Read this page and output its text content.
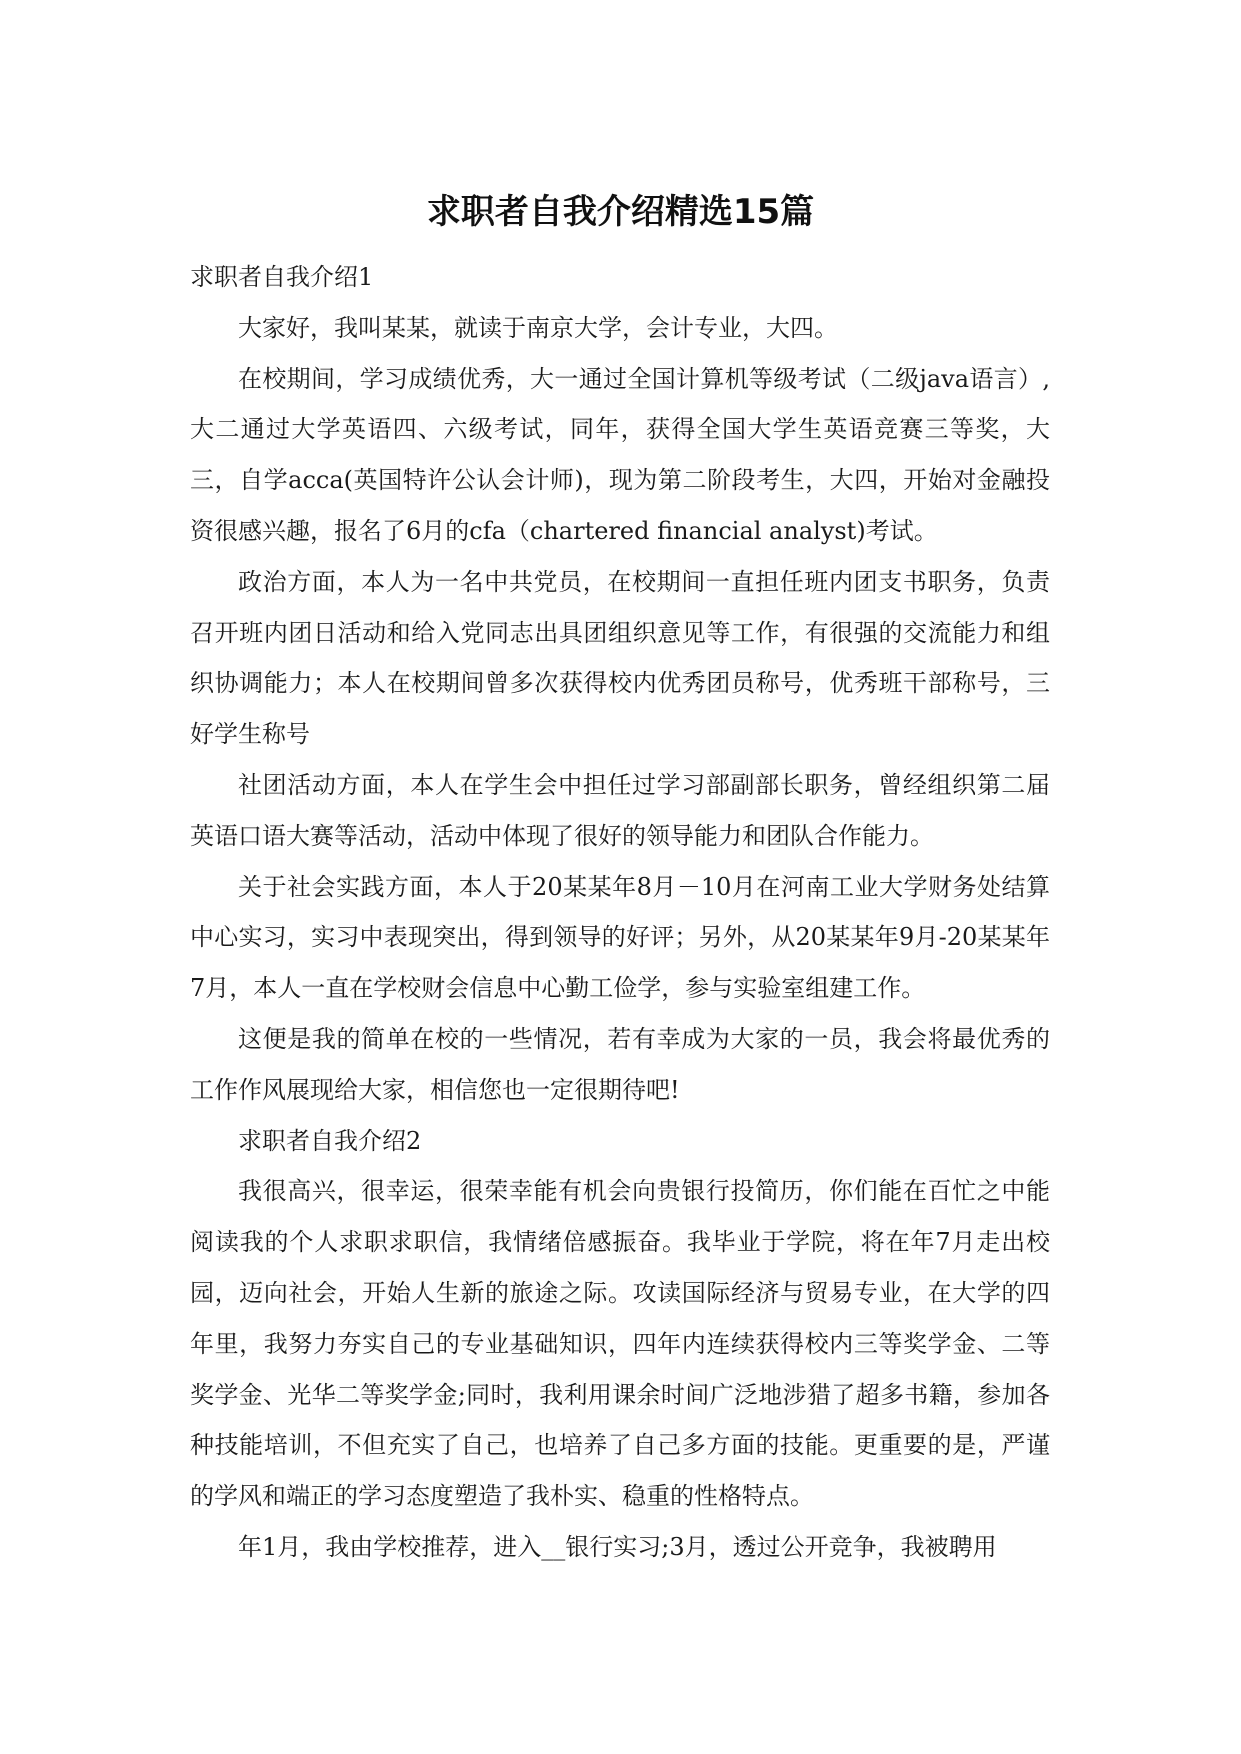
求职者自我介绍精选15篇

求职者自我介绍1

大家好，我叫某某，就读于南京大学，会计专业，大四。

在校期间，学习成绩优秀，大一通过全国计算机等级考试（二级java语言）,大二通过大学英语四、六级考试，同年，获得全国大学生英语竞赛三等奖，大三，自学acca(英国特许公认会计师)，现为第二阶段考生，大四，开始对金融投资很感兴趣，报名了6月的cfa（chartered financial analyst)考试。

政治方面，本人为一名中共党员，在校期间一直担任班内团支书职务，负责召开班内团日活动和给入党同志出具团组织意见等工作，有很强的交流能力和组织协调能力；本人在校期间曾多次获得校内优秀团员称号，优秀班干部称号，三好学生称号

社团活动方面，本人在学生会中担任过学习部副部长职务，曾经组织第二届英语口语大赛等活动，活动中体现了很好的领导能力和团队合作能力。

关于社会实践方面，本人于20某某年8月－10月在河南工业大学财务处结算中心实习，实习中表现突出，得到领导的好评；另外，从20某某年9月-20某某年7月，本人一直在学校财会信息中心勤工俭学，参与实验室组建工作。

这便是我的简单在校的一些情况，若有幸成为大家的一员，我会将最优秀的工作作风展现给大家，相信您也一定很期待吧!

求职者自我介绍2

我很高兴，很幸运，很荣幸能有机会向贵银行投简历，你们能在百忙之中能阅读我的个人求职求职信，我情绪倍感振奋。我毕业于学院，将在年7月走出校园，迈向社会，开始人生新的旅途之际。攻读国际经济与贸易专业，在大学的四年里，我努力夯实自己的专业基础知识，四年内连续获得校内三等奖学金、二等奖学金、光华二等奖学金;同时，我利用课余时间广泛地涉猎了超多书籍，参加各种技能培训，不但充实了自己，也培养了自己多方面的技能。更重要的是，严谨的学风和端正的学习态度塑造了我朴实、稳重的性格特点。

年1月，我由学校推荐，进入__银行实习;3月，透过公开竞争，我被聘用
